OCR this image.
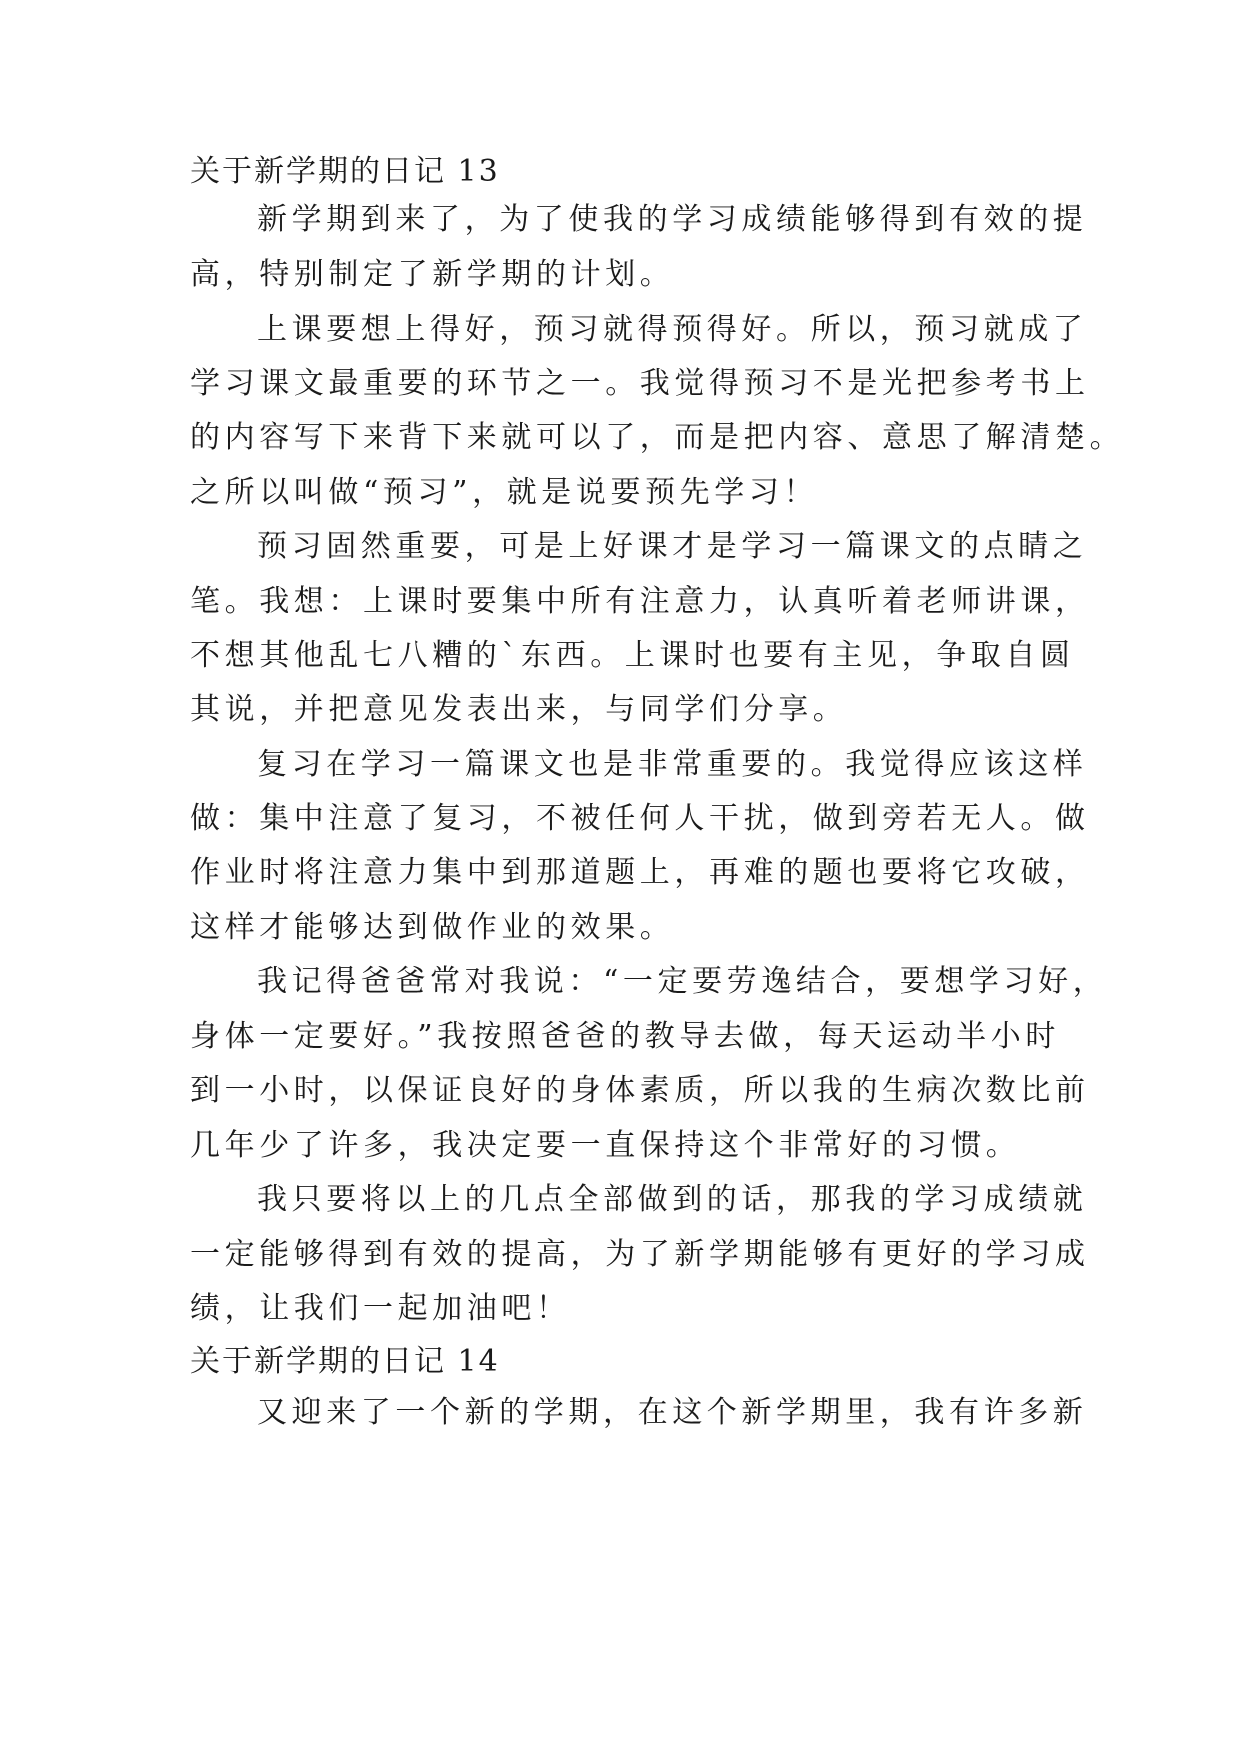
关于新学期的日记 13
新学期到来了，为了使我的学习成绩能够得到有效的提
高，特别制定了新学期的计划。
上课要想上得好，预习就得预得好。所以，预习就成了
学习课文最重要的环节之一。我觉得预习不是光把参考书上
的内容写下来背下来就可以了，而是把内容、意思了解清楚。
之所以叫做“预习”，就是说要预先学习！
预习固然重要，可是上好课才是学习一篇课文的点睛之
笔。我想：上课时要集中所有注意力，认真听着老师讲课，
不想其他乱七八糟的`东西。上课时也要有主见，争取自圆
其说，并把意见发表出来，与同学们分享。
复习在学习一篇课文也是非常重要的。我觉得应该这样
做：集中注意了复习，不被任何人干扰，做到旁若无人。做
作业时将注意力集中到那道题上，再难的题也要将它攻破，
这样才能够达到做作业的效果。
我记得爸爸常对我说：“一定要劳逸结合，要想学习好，
身体一定要好。”我按照爸爸的教导去做，每天运动半小时
到一小时，以保证良好的身体素质，所以我的生病次数比前
几年少了许多，我决定要一直保持这个非常好的习惯。
我只要将以上的几点全部做到的话，那我的学习成绩就
一定能够得到有效的提高，为了新学期能够有更好的学习成
绩，让我们一起加油吧！
关于新学期的日记 14
又迎来了一个新的学期，在这个新学期里，我有许多新
